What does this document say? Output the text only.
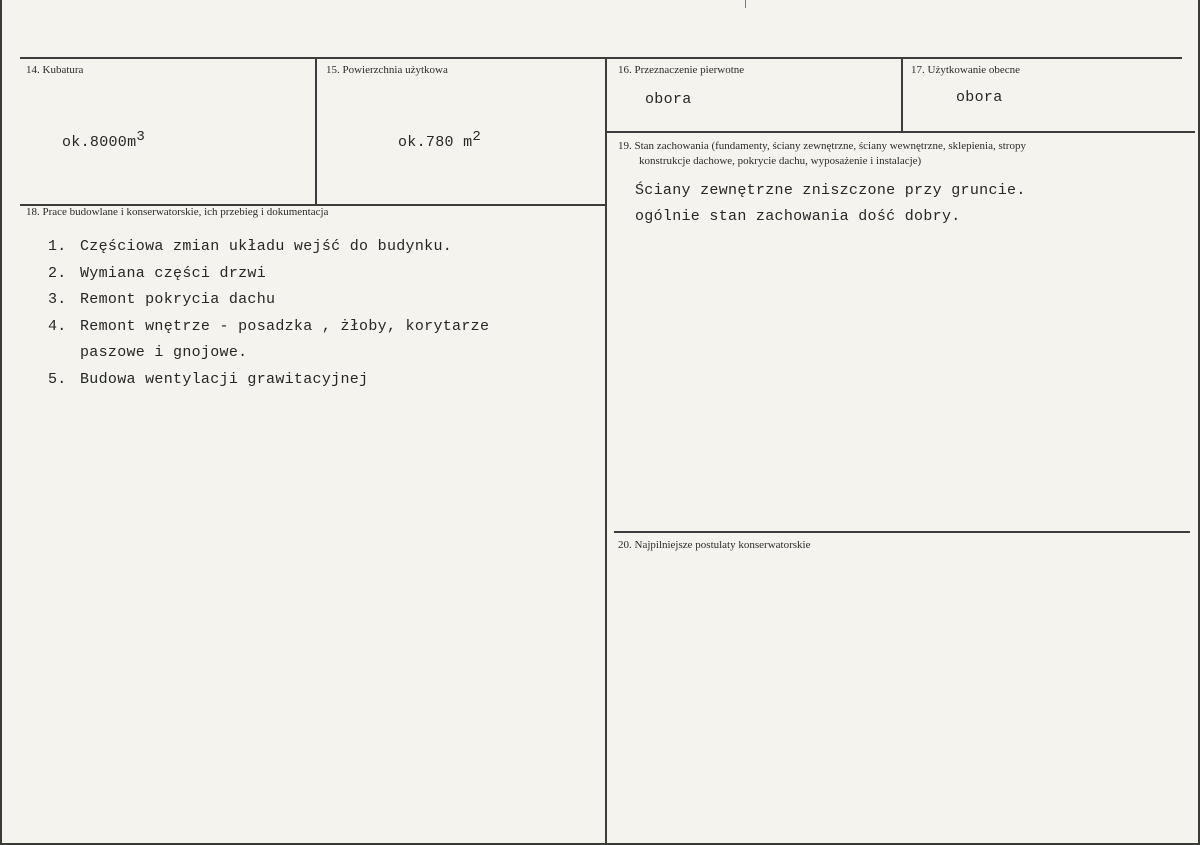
14. Kubatura
$ok.8000m^3$
15. Powierzchnia użytkowa
ok.780 $m^2$
16. Przeznaczenie pierwotne
obora
17. Użytkowanie obecne
obora
19. Stan zachowania (fundamenty, ściany zewnętrzne, ściany wewnętrzne, sklepienia, stropy
konstrukcje dachowe, pokrycie dachu, wyposażenie i instalacje)
Ściany zewnętrzne zniszczone przy gruncie.
ogólnie stan zachowania dość dobry.
18. Prace budowlane i konserwatorskie, ich przebieg i dokumentacja
1. Częściowa zmian układu wejść do budynku.
2. Wymiana części drzwi
3. Remont pokrycia dachu
4. Remont wnętrze - posadzka , żłoby, korytarze
paszowe i gnojowe.
5. Budowa wentylacji grawitacyjnej
20. Najpilniejsze postulaty konserwatorskie
